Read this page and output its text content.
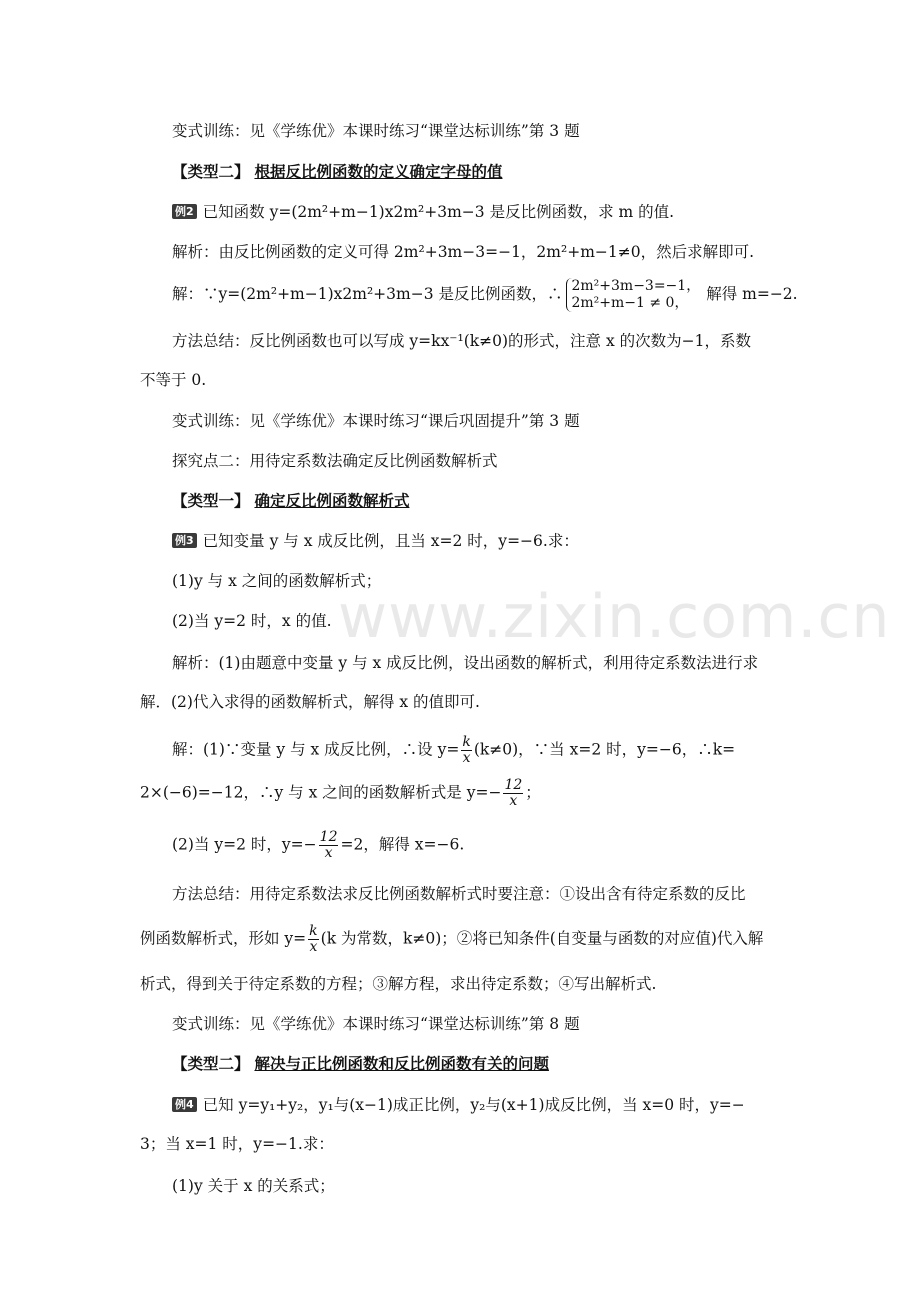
www.zixin.com.cn
变式训练：见《学练优》本课时练习“课堂达标训练”第 3 题
【类型二】 根据反比例函数的定义确定字母的值
例2 已知函数 y=(2m²+m−1)x2m²+3m−3 是反比例函数，求 m 的值.
解析：由反比例函数的定义可得 2m²+3m−3=−1，2m²+m−1≠0，然后求解即可.
解：∵y=(2m²+m−1)x2m²+3m−3 是反比例函数，∴ 2m²+3m−3=−1，
2m²+m−1 ≠ 0，	解得 m=−2.
方法总结：反比例函数也可以写成 y=kx⁻¹(k≠0)的形式，注意 x 的次数为−1，系数
不等于 0.
变式训练：见《学练优》本课时练习“课后巩固提升”第 3 题
探究点二：用待定系数法确定反比例函数解析式
【类型一】 确定反比例函数解析式
例3 已知变量 y 与 x 成反比例，且当 x=2 时，y=−6.求：
(1)y 与 x 之间的函数解析式；
(2)当 y=2 时，x 的值.
解析：(1)由题意中变量 y 与 x 成反比例，设出函数的解析式，利用待定系数法进行求
解．(2)代入求得的函数解析式，解得 x 的值即可.
解：(1)∵变量 y 与 x 成反比例，∴设 $y= \frac{k}{x} (k\ne 0)$，∵当 x=2 时，y=−6，∴k=
2×(−6)=−12，∴y 与 x 之间的函数解析式是 $y=- \frac{12}{x}$ ；
(2)当 y=2 时，$y=- \frac{12}{x} =2$，解得 x=−6.
方法总结：用待定系数法求反比例函数解析式时要注意：①设出含有待定系数的反比
例函数解析式，形如 $y= \frac{k}{x} (k$ 为常数，k≠0)；②将已知条件(自变量与函数的对应值)代入解
析式，得到关于待定系数的方程；③解方程，求出待定系数；④写出解析式.
变式训练：见《学练优》本课时练习“课堂达标训练”第 8 题
【类型二】 解决与正比例函数和反比例函数有关的问题
例4 已知 y=y₁+y₂，y₁与(x−1)成正比例，y₂与(x+1)成反比例，当 x=0 时，y=−
3；当 x=1 时，y=−1.求：
(1)y 关于 x 的关系式；
